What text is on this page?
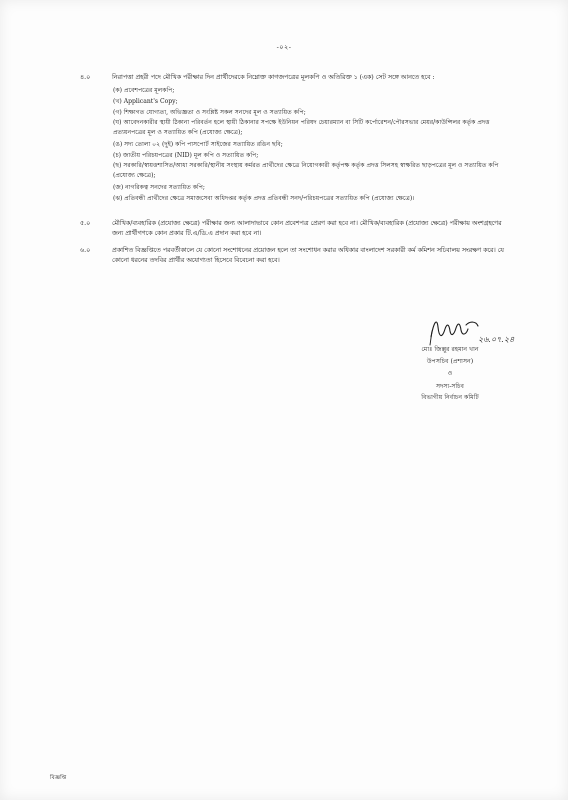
-০২-
৪.০	নিরাপত্তা প্রহরী পদে মৌখিক পরীক্ষার দিন প্রার্থীদেরকে নিম্নোক্ত কাগজপত্রের মূলকপি ও অতিরিক্ত ১ (এক) সেট সঙ্গে আনতে হবে :
(ক) প্রবেশপত্রের মূলকপি;
(খ) Applicant's Copy;
(গ) শিক্ষাগত যোগ্যতা, অভিজ্ঞতা ও সংশ্লিষ্ট সকল সনদের মূল ও সত্যায়িত কপি;
(ঘ) আবেদনকারীর স্থায়ী ঠিকানা পরিবর্তন হলে স্থায়ী ঠিকানার সপক্ষে ইউনিয়ন পরিষদ চেয়ারম্যান বা সিটি কর্পোরেশন/পৌরসভার মেয়র/কাউন্সিলর কর্তৃক প্রদত্ত প্রত্যয়নপত্রের মূল ও সত্যায়িত কপি (প্রযোজ্য ক্ষেত্রে);
(ঙ) সদ্য তোলা ০২ (দুই) কপি পাসপোর্ট সাইজের সত্যায়িত রঙিন ছবি;
(চ) জাতীয় পরিচয়পত্রের (NID) মূল কপি ও সত্যায়িত কপি;
(ছ) সরকারি/স্বায়ত্তশাসিত/আধা সরকারি/স্থানীয় সংস্থায় কর্মরত প্রার্থীদের ক্ষেত্রে নিয়োগকারী কর্তৃপক্ষ কর্তৃক প্রদত্ত সিলসহ স্বাক্ষরিত ছাড়পত্রের মূল ও সত্যায়িত কপি (প্রযোজ্য ক্ষেত্রে);
(জ) নাগরিকত্ব সনদের সত্যায়িত কপি;
(ঝ) প্রতিবন্ধী প্রার্থীদের ক্ষেত্রে সমাজসেবা অধিদপ্তর কর্তৃক প্রদত্ত প্রতিবন্ধী সনদ/পরিচয়পত্রের সত্যায়িত কপি (প্রযোজ্য ক্ষেত্রে)।
৫.০	মৌখিক/ব্যবহারিক (প্রযোজ্য ক্ষেত্রে) পরীক্ষার জন্য আলাদাভাবে কোন প্রবেশপত্র প্রেরণ করা হবে না। মৌখিক/ব্যবহারিক (প্রযোজ্য ক্ষেত্রে) পরীক্ষায় অংশগ্রহণের জন্য প্রার্থীগণকে কোন প্রকার টি.এ/ডি.এ প্রদান করা হবে না।
৬.০	প্রকাশিত বিজ্ঞপ্তিতে পরবর্তীকালে যে কোনো সংশোধনের প্রয়োজন হলে তা সংশোধন করার অধিকার বাংলাদেশ সরকারী কর্ম কমিশন সচিবালয় সংরক্ষণ করে। যে কোনো ধরনের তদবির প্রার্থীর অযোগ্যতা হিসেবে বিবেচনা করা হবে।
২৬.০৭.২৪
মোঃ জিল্লুর রহমান খান
উপসচিব (প্রশাসন)
ও
সদস্য-সচিব
বিভাগীয় নির্বাচন কমিটি
বিজ্ঞপ্তি
